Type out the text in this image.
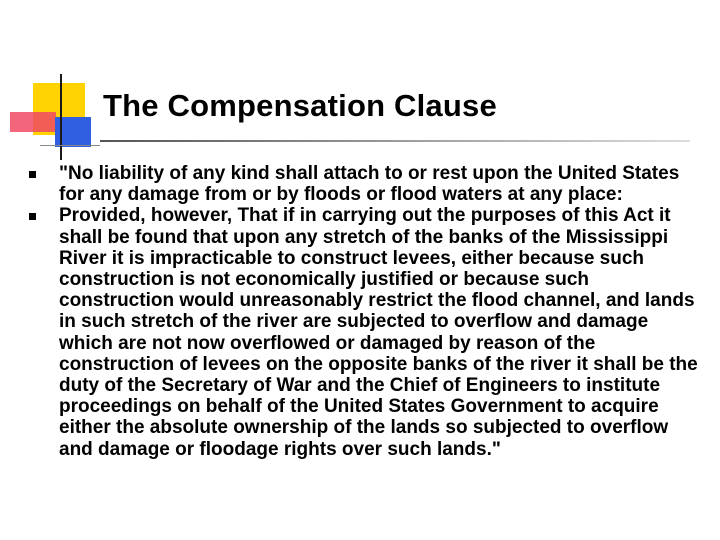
The Compensation Clause
"No liability of any kind shall attach to or rest upon the United States for any damage from or by floods or flood waters at any place:
Provided, however, That if in carrying out the purposes of this Act it shall be found that upon any stretch of the banks of the Mississippi River it is impracticable to construct levees, either because such construction is not economically justified or because such construction would unreasonably restrict the flood channel, and lands in such stretch of the river are subjected to overflow and damage which are not now overflowed or damaged by reason of the construction of levees on the opposite banks of the river it shall be the duty of the Secretary of War and the Chief of Engineers to institute proceedings on behalf of the United States Government to acquire either the absolute ownership of the lands so subjected to overflow and damage or floodage rights over such lands."
